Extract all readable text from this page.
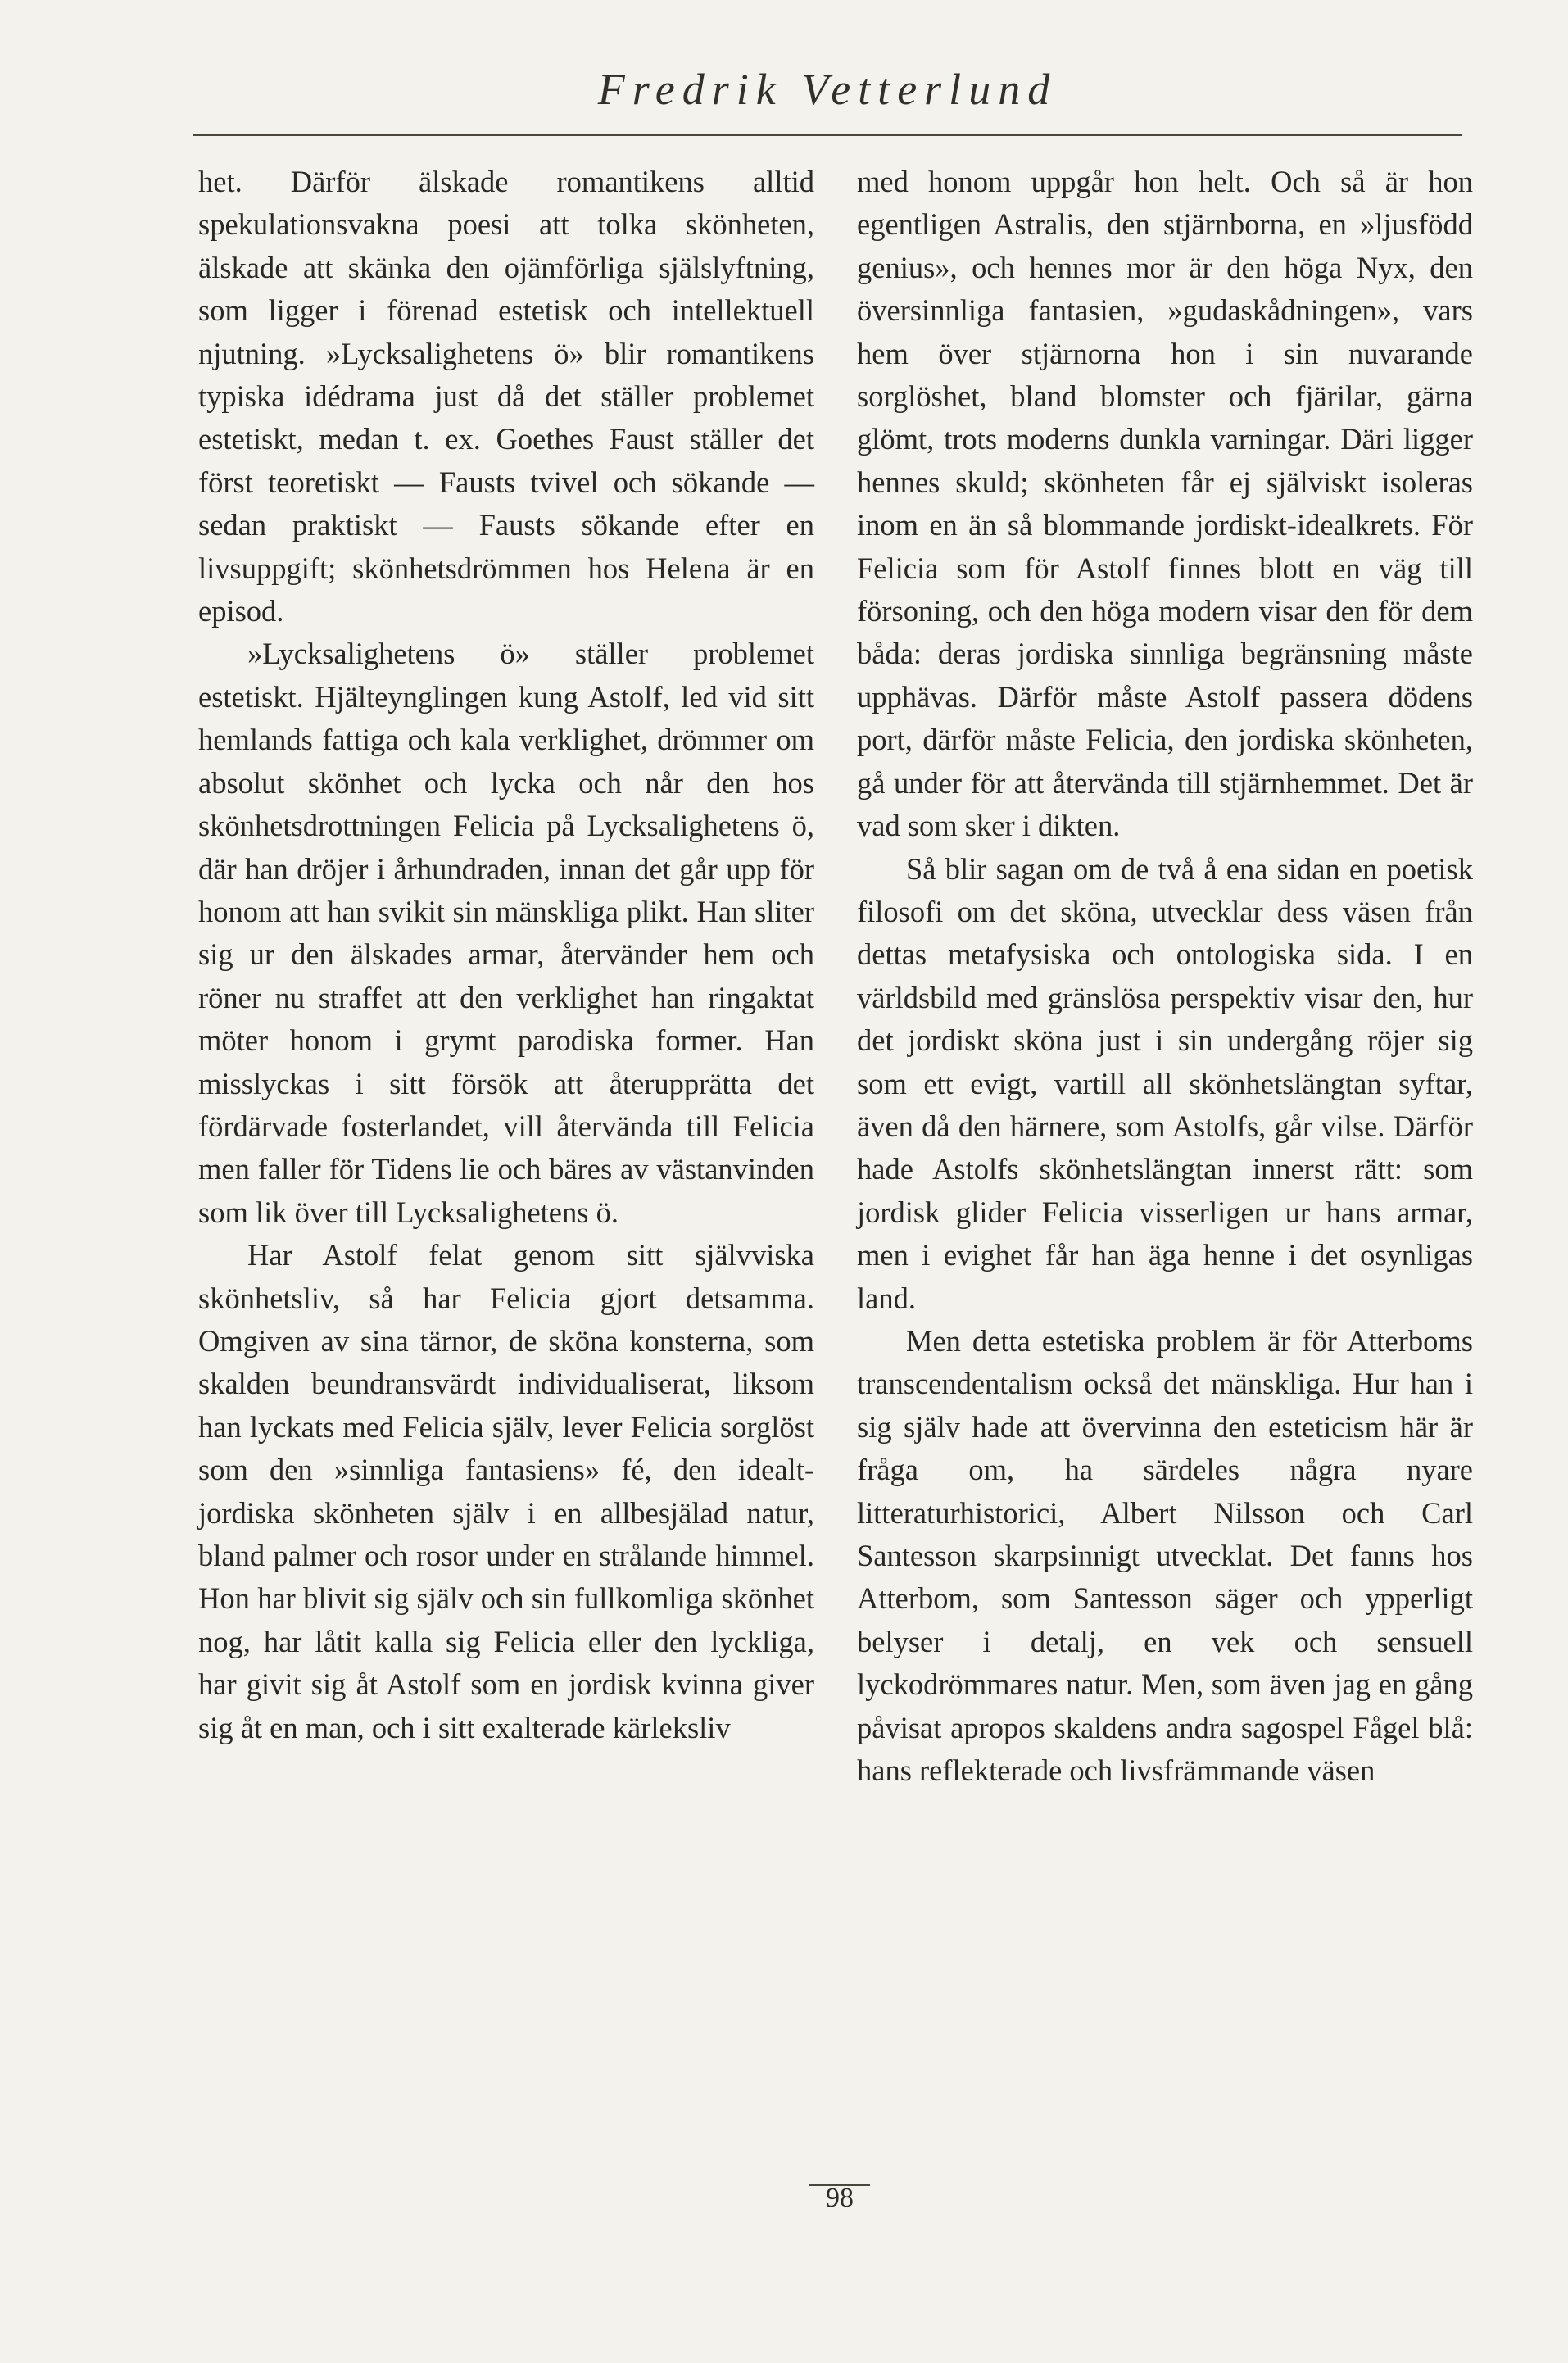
Fredrik Vetterlund

het. Därför älskade romantikens alltid spekulationsvakna poesi att tolka skönheten, älskade att skänka den ojämförliga själslyftning, som ligger i förenad estetisk och intellektuell njutning. »Lycksalighetens ö» blir romantikens typiska idédrama just då det ställer problemet estetiskt, medan t. ex. Goethes Faust ställer det först teoretiskt — Fausts tvivel och sökande — sedan praktiskt — Fausts sökande efter en livsuppgift; skönhetsdrömmen hos Helena är en episod.

»Lycksalighetens ö» ställer problemet estetiskt. Hjälteynglingen kung Astolf, led vid sitt hemlands fattiga och kala verklighet, drömmer om absolut skönhet och lycka och når den hos skönhetsdrottningen Felicia på Lycksalighetens ö, där han dröjer i århundraden, innan det går upp för honom att han svikit sin mänskliga plikt. Han sliter sig ur den älskades armar, återvänder hem och röner nu straffet att den verklighet han ringaktat möter honom i grymt parodiska former. Han misslyckas i sitt försök att återupprätta det fördärvade fosterlandet, vill återvända till Felicia men faller för Tidens lie och bäres av västanvinden som lik över till Lycksalighetens ö.

Har Astolf felat genom sitt självviska skönhetsliv, så har Felicia gjort detsamma. Omgiven av sina tärnor, de sköna konsterna, som skalden beundransvärdt individualiserat, liksom han lyckats med Felicia själv, lever Felicia sorglöst som den »sinnliga fantasiens» fé, den idealt-jordiska skönheten själv i en allbesjälad natur, bland palmer och rosor under en strålande himmel. Hon har blivit sig själv och sin fullkomliga skönhet nog, har låtit kalla sig Felicia eller den lyckliga, har givit sig åt Astolf som en jordisk kvinna giver sig åt en man, och i sitt exalterade kärleksliv

med honom uppgår hon helt. Och så är hon egentligen Astralis, den stjärnborna, en »ljusfödd genius», och hennes mor är den höga Nyx, den översinnliga fantasien, »gudaskådningen», vars hem över stjärnorna hon i sin nuvarande sorglöshet, bland blomster och fjärilar, gärna glömt, trots moderns dunkla varningar. Däri ligger hennes skuld; skönheten får ej själviskt isoleras inom en än så blommande jordiskt-idealkrets. För Felicia som för Astolf finnes blott en väg till försoning, och den höga modern visar den för dem båda: deras jordiska sinnliga begränsning måste upphävas. Därför måste Astolf passera dödens port, därför måste Felicia, den jordiska skönheten, gå under för att återvända till stjärnhemmet. Det är vad som sker i dikten.

Så blir sagan om de två å ena sidan en poetisk filosofi om det sköna, utvecklar dess väsen från dettas metafysiska och ontologiska sida. I en världsbild med gränslösa perspektiv visar den, hur det jordiskt sköna just i sin undergång röjer sig som ett evigt, vartill all skönhetslängtan syftar, även då den härnere, som Astolfs, går vilse. Därför hade Astolfs skönhetslängtan innerst rätt: som jordisk glider Felicia visserligen ur hans armar, men i evighet får han äga henne i det osynligas land.

Men detta estetiska problem är för Atterboms transcendentalism också det mänskliga. Hur han i sig själv hade att övervinna den esteticism här är fråga om, ha särdeles några nyare litteraturhistorici, Albert Nilsson och Carl Santesson skarpsinnigt utvecklat. Det fanns hos Atterbom, som Santesson säger och ypperligt belyser i detalj, en vek och sensuell lyckodrömmares natur. Men, som även jag en gång påvisat apropos skaldens andra sagospel Fågel blå: hans reflekterade och livsfrämmande väsen

98
